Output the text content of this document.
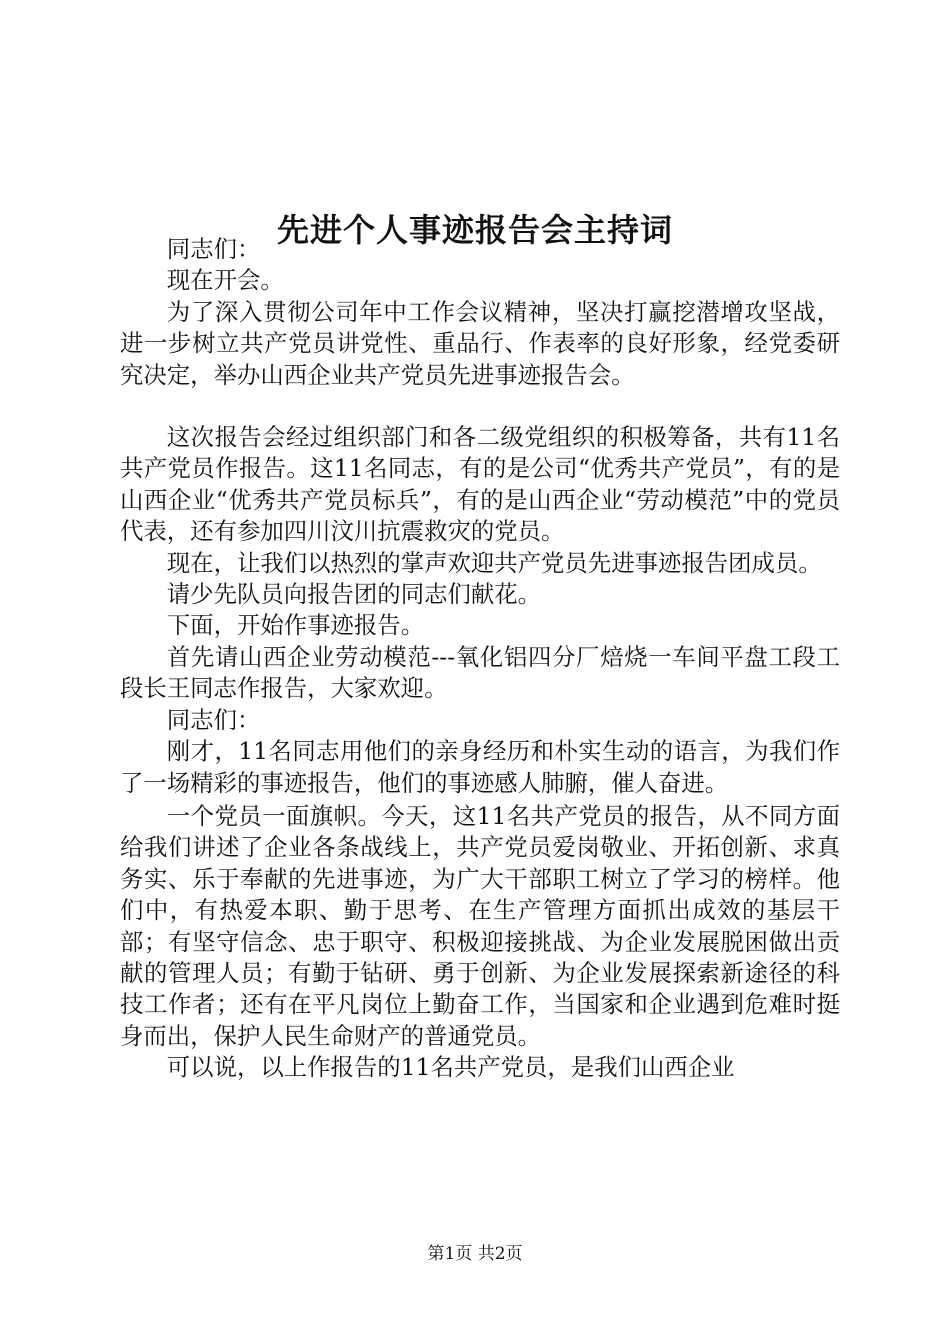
先进个人事迹报告会主持词

同志们：

现在开会。

为了深入贯彻公司年中工作会议精神，坚决打赢挖潜增攻坚战，进一步树立共产党员讲党性、重品行、作表率的良好形象，经党委研究决定，举办山西企业共产党员先进事迹报告会。

这次报告会经过组织部门和各二级党组织的积极筹备，共有11名共产党员作报告。这11名同志，有的是公司“优秀共产党员”，有的是山西企业“优秀共产党员标兵”，有的是山西企业“劳动模范”中的党员代表，还有参加四川汶川抗震救灾的党员。

现在，让我们以热烈的掌声欢迎共产党员先进事迹报告团成员。

请少先队员向报告团的同志们献花。

下面，开始作事迹报告。

首先请山西企业劳动模范---氧化铝四分厂焙烧一车间平盘工段工段长王同志作报告，大家欢迎。

同志们：

刚才，11名同志用他们的亲身经历和朴实生动的语言，为我们作了一场精彩的事迹报告，他们的事迹感人肺腑，催人奋进。

一个党员一面旗帜。今天，这11名共产党员的报告，从不同方面给我们讲述了企业各条战线上，共产党员爱岗敬业、开拓创新、求真务实、乐于奉献的先进事迹，为广大干部职工树立了学习的榜样。他们中，有热爱本职、勤于思考、在生产管理方面抓出成效的基层干部；有坚守信念、忠于职守、积极迎接挑战、为企业发展脱困做出贡献的管理人员；有勤于钻研、勇于创新、为企业发展探索新途径的科技工作者；还有在平凡岗位上勤奋工作，当国家和企业遇到危难时挺身而出，保护人民生命财产的普通党员。

可以说，以上作报告的11名共产党员，是我们山西企业

第1页 共2页
